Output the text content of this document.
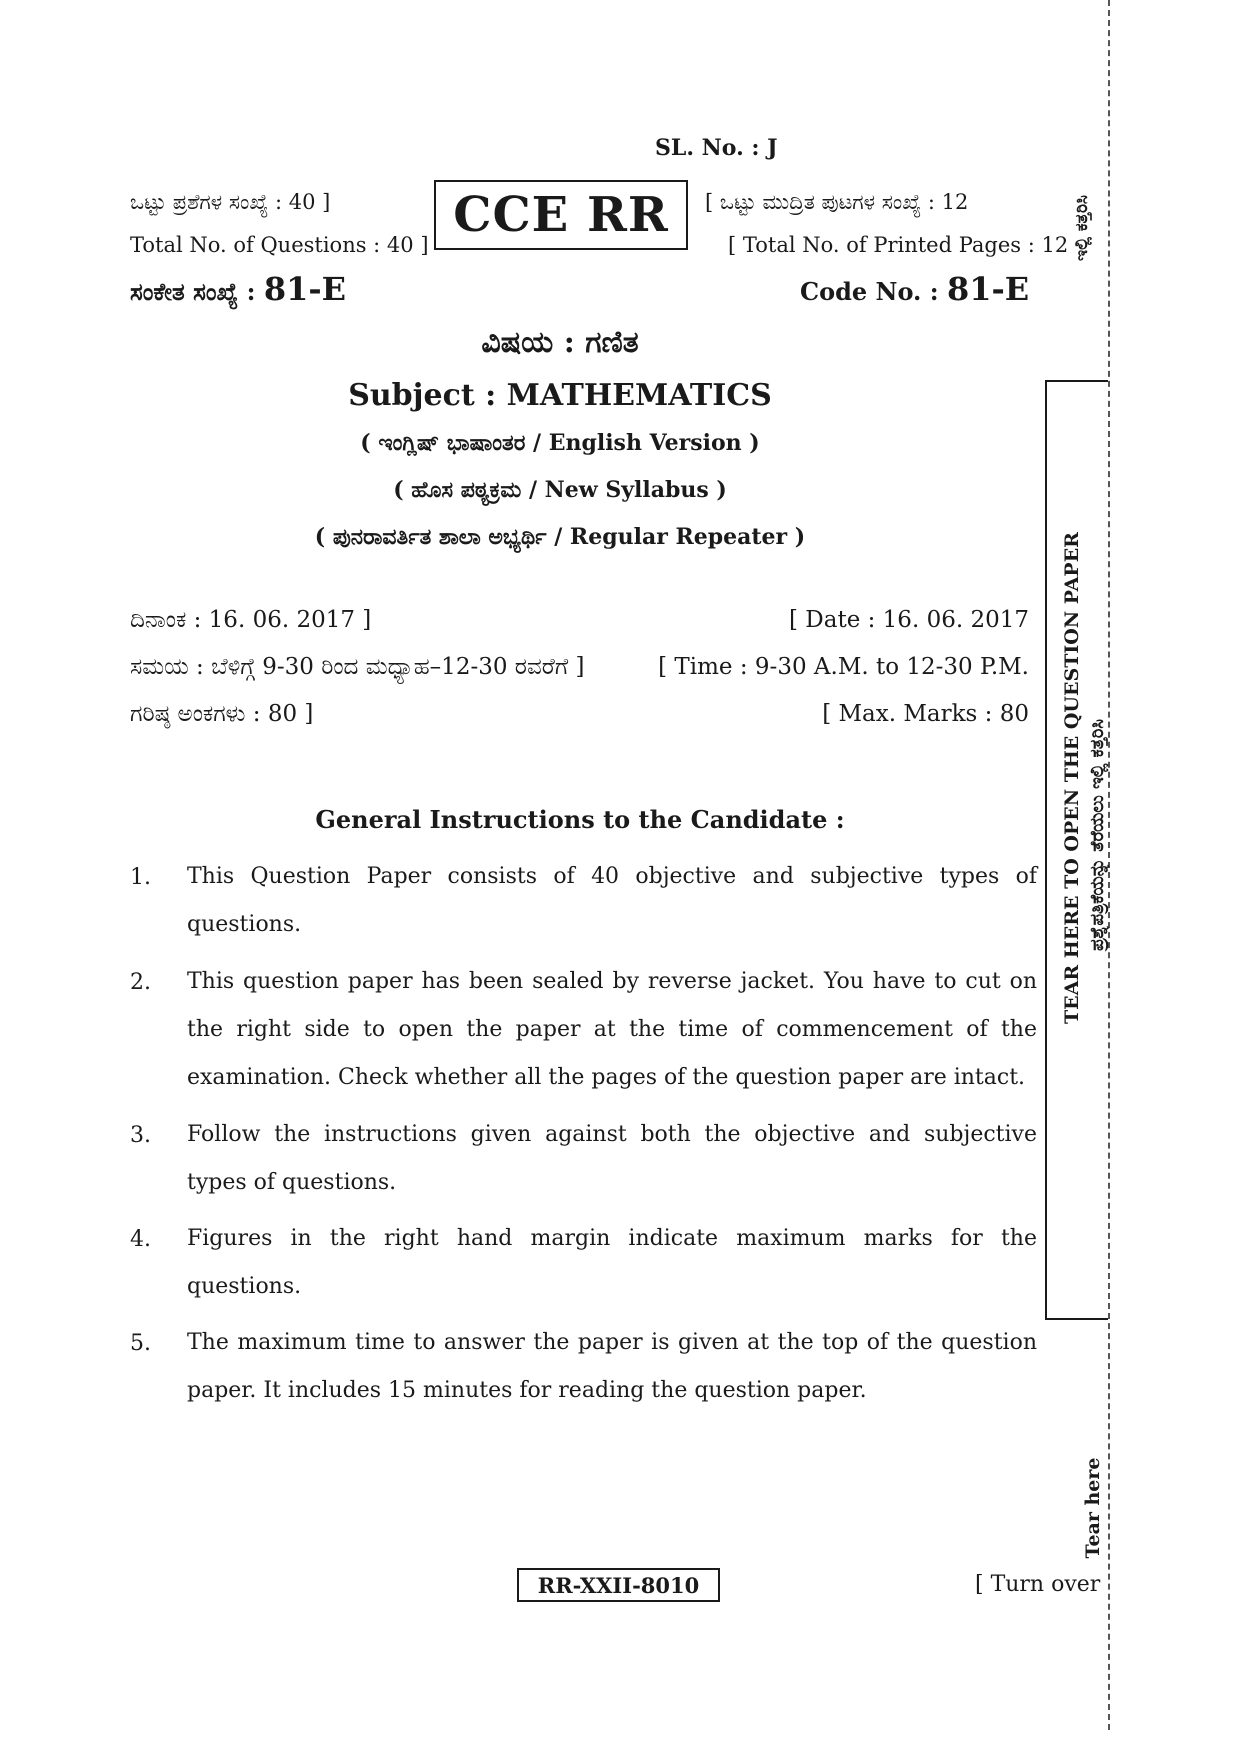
SL. No. : J
ಒಟ್ಟು ಪ್ರಶೆಗಳ ಸಂಖ್ಯೆ : 40 ]
Total No. of Questions : 40 ]
ಸಂಕೇತ ಸಂಖ್ಯೆ : 81-E
CCE RR	[ ಒಟ್ಟು ಮುದ್ರಿತ ಪುಟಗಳ ಸಂಖ್ಯೆ : 12
[ Total No. of Printed Pages : 12
Code No. : 81-E
ವಿಷಯ : ಗಣಿತ
Subject : MATHEMATICS
( ಇಂಗ್ಲಿಷ್ ಭಾಷಾಂತರ / English Version )
( ಹೊಸ ಪಠ್ಯಕ್ರಮ / New Syllabus )
( ಪುನರಾವರ್ತಿತ ಶಾಲಾ ಅಭ್ಯರ್ಥಿ / Regular Repeater )
ದಿನಾಂಕ : 16. 06. 2017 ]	[ Date : 16. 06. 2017
ಸಮಯ : ಬೆಳಿಗ್ಗೆ 9-30 ರಿಂದ ಮಧ್ಯಾಹ–12-30 ರವರೆಗೆ ]	[ Time : 9-30 A.M. to 12-30 P.M.
ಗರಿಷ್ಠ ಅಂಕಗಳು : 80 ]	[ Max. Marks : 80
General Instructions to the Candidate :
1. This Question Paper consists of 40 objective and subjective types of questions.
2. This question paper has been sealed by reverse jacket. You have to cut on the right side to open the paper at the time of commencement of the examination. Check whether all the pages of the question paper are intact.
3. Follow the instructions given against both the objective and subjective types of questions.
4. Figures in the right hand margin indicate maximum marks for the questions.
5. The maximum time to answer the paper is given at the top of the question paper. It includes 15 minutes for reading the question paper.
RR-XXII-8010	[ Turn over
ಇಲ್ಲಿ ಕತ್ತರಿಸಿ
TEAR HERE TO OPEN THE QUESTION PAPER ಪ್ರಶ್ನೆಪತ್ರಿಕೆಯನ್ನು ತೆರೆಯಲು ಇಲ್ಲಿ ಕತ್ತರಿಸಿ
Tear here
